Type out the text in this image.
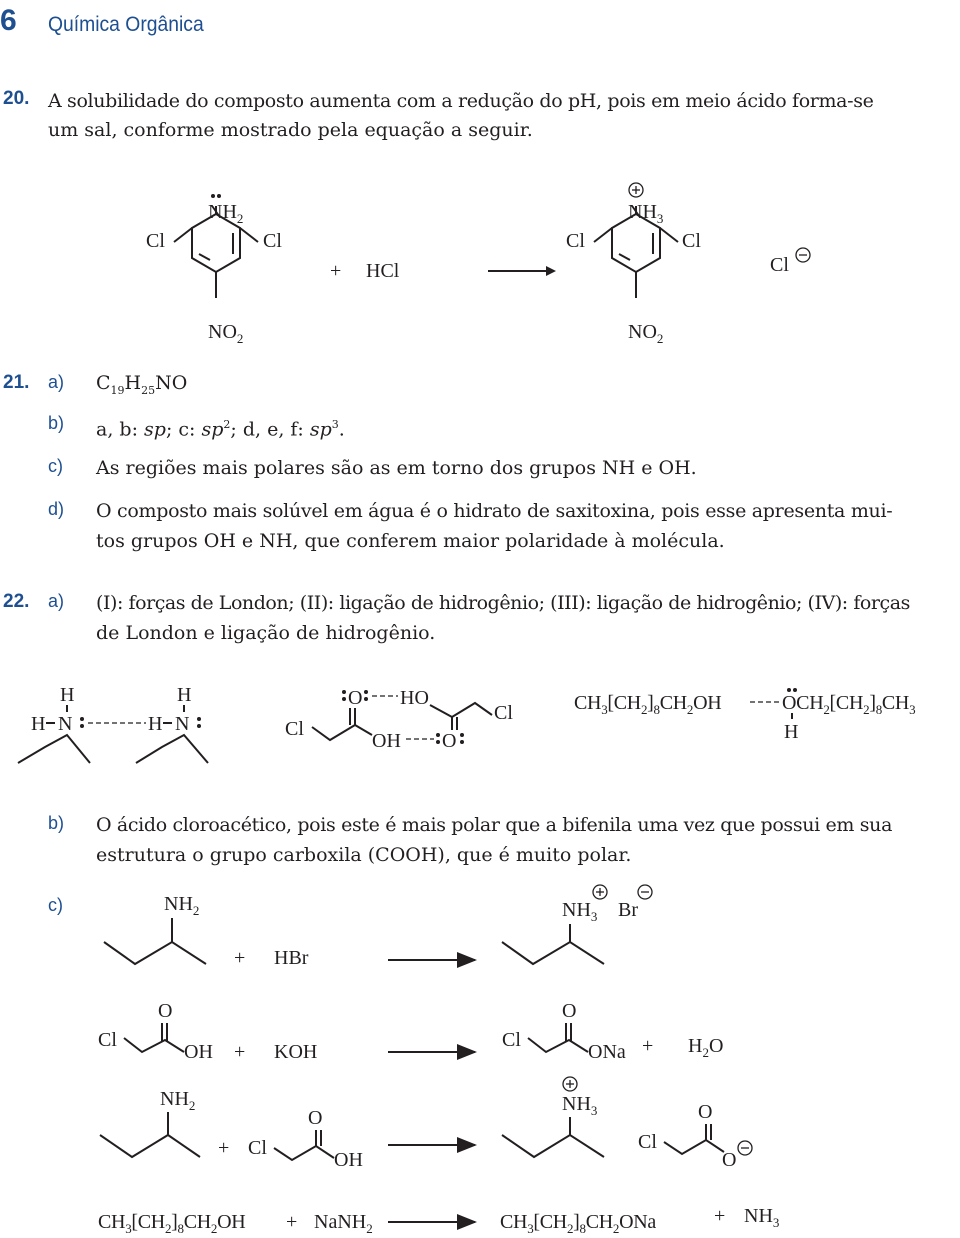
6 Química Orgânica
20. A solubilidade do composto aumenta com a redução do pH, pois em meio ácido forma-se
um sal, conforme mostrado pela equação a seguir.
$NH_2$
Cl	Cl
$NO_2$
+ HCl
$NH_3$
Cl	Cl
$NO_2$
Cl
21. a) $C_{19}H_{25}NO$
b) a, b: sp; c: $sp^2$; d, e, f: $sp^3$.
c) As regiões mais polares são as em torno dos grupos NH e OH.
d) O composto mais solúvel em água é o hidrato de saxitoxina, pois esse apresenta mui-
tos grupos OH e NH, que conferem maior polaridade à molécula.
22. a) (I): forças de London; (II): ligação de hidrogênio; (III): ligação de hidrogênio; (IV): forças
de London e ligação de hidrogênio.
H
H N	H
H
N
O HO
Cl
OH O
Cl	$CH_3[CH_2]_8CH_2OH$	$OCH_2[CH_2]_8CH_3$
H
b) O ácido cloroacético, pois este é mais polar que a bifenila uma vez que possui em sua
estrutura o grupo carboxila (COOH), que é muito polar.
c)	$NH_2$
+ HBr
$NH_3$ Br
O
Cl
OH + KOH
O
Cl
ONa + $H_2O$
$NH_2$
+ Cl
O
OH
$NH_3$
Cl
O
O
$CH_3[CH_2]_8CH_2OH$ + NaNH$_2$	$CH_3[CH_2]_8CH_2ONa$	+ $NH_3$
